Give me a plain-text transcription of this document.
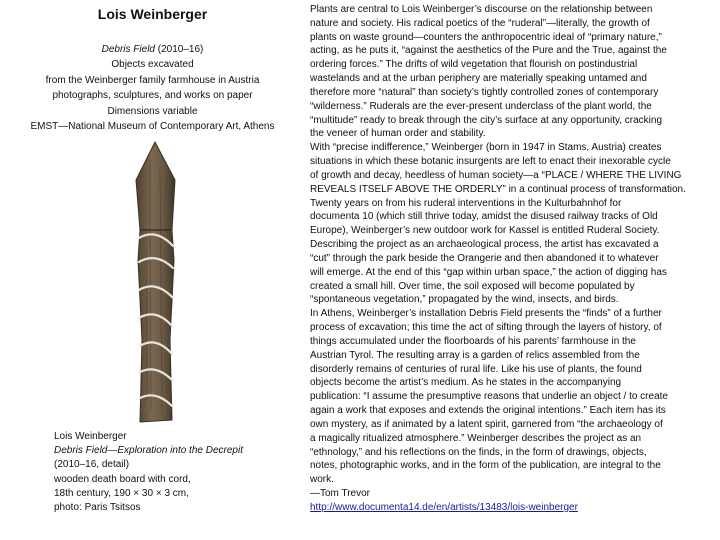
Lois Weinberger
Debris Field (2010–16)
Objects excavated
from the Weinberger family farmhouse in Austria
photographs, sculptures, and works on paper
Dimensions variable
EMST—National Museum of Contemporary Art, Athens
Lois Weinberger
Debris Field—Exploration into the Decrepit
(2010–16, detail)
wooden death board with cord,
18th century, 190 × 30 × 3 cm,
photo: Paris Tsitsos
Plants are central to Lois Weinberger’s discourse on the relationship between
nature and society. His radical poetics of the “ruderal”—literally, the growth of
plants on waste ground—counters the anthropocentric ideal of “primary nature,”
acting, as he puts it, “against the aesthetics of the Pure and the True, against the
ordering forces.” The drifts of wild vegetation that flourish on postindustrial
wastelands and at the urban periphery are materially speaking untamed and
therefore more “natural” than society’s tightly controlled zones of contemporary
“wilderness.” Ruderals are the ever-present underclass of the plant world, the
“multitude” ready to break through the city’s surface at any opportunity, cracking
the veneer of human order and stability.
With “precise indifference,” Weinberger (born in 1947 in Stams, Austria) creates
situations in which these botanic insurgents are left to enact their inexorable cycle
of growth and decay, heedless of human society—a “PLACE / WHERE THE LIVING
REVEALS ITSELF ABOVE THE ORDERLY” in a continual process of transformation.
Twenty years on from his ruderal interventions in the Kulturbahnhof for
documenta 10 (which still thrive today, amidst the disused railway tracks of Old
Europe), Weinberger’s new outdoor work for Kassel is entitled Ruderal Society.
Describing the project as an archaeological process, the artist has excavated a
“cut” through the park beside the Orangerie and then abandoned it to whatever
will emerge. At the end of this “gap within urban space,” the action of digging has
created a small hill. Over time, the soil exposed will become populated by
“spontaneous vegetation,” propagated by the wind, insects, and birds.
In Athens, Weinberger’s installation Debris Field presents the “finds” of a further
process of excavation; this time the act of sifting through the layers of history, of
things accumulated under the floorboards of his parents’ farmhouse in the
Austrian Tyrol. The resulting array is a garden of relics assembled from the
disorderly remains of centuries of rural life. Like his use of plants, the found
objects become the artist’s medium. As he states in the accompanying
publication: “I assume the presumptive reasons that underlie an object / to create
again a work that exposes and extends the original intentions.” Each item has its
own mystery, as if animated by a latent spirit, garnered from “the archaeology of
a magically ritualized atmosphere.” Weinberger describes the project as an
“ethnology,” and his reflections on the finds, in the form of drawings, objects,
notes, photographic works, and in the form of the publication, are integral to the
work.
—Tom Trevor
http://www.documenta14.de/en/artists/13483/lois-weinberger
